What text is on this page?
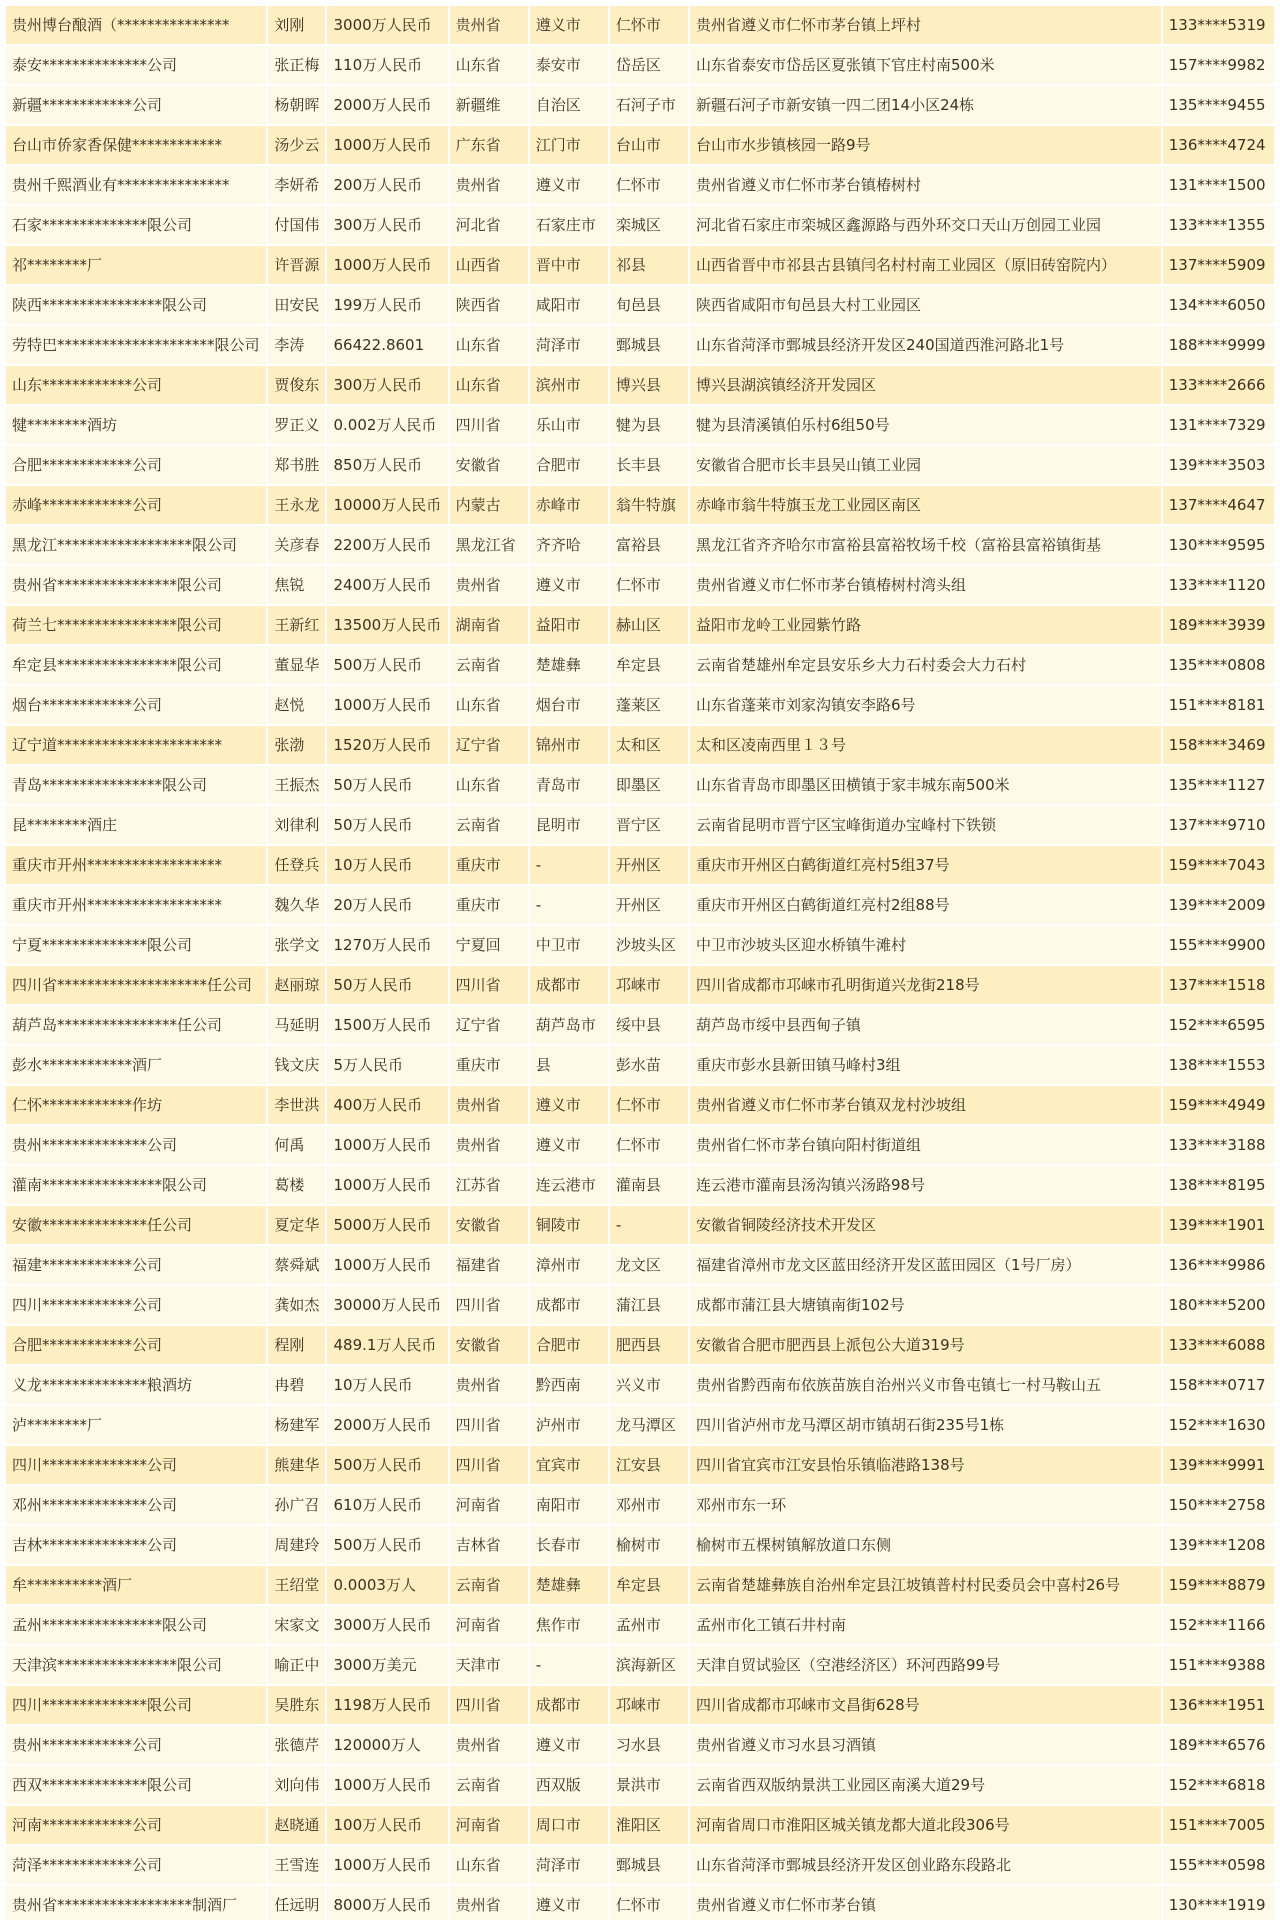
贵州博台酿酒（***************	刘刚	3000万人民币	贵州省	遵义市	仁怀市	贵州省遵义市仁怀市茅台镇上坪村	133****5319
泰安**************公司	张正梅	110万人民币	山东省	泰安市	岱岳区	山东省泰安市岱岳区夏张镇下官庄村南500米	157****9982
新疆************公司	杨朝晖	2000万人民币	新疆维	自治区	石河子市	新疆石河子市新安镇一四二团14小区24栋	135****9455
台山市侨家香保健************	汤少云	1000万人民币	广东省	江门市	台山市	台山市水步镇核园一路9号	136****4724
贵州千熙酒业有***************	李妍希	200万人民币	贵州省	遵义市	仁怀市	贵州省遵义市仁怀市茅台镇椿树村	131****1500
石家**************限公司	付国伟	300万人民币	河北省	石家庄市	栾城区	河北省石家庄市栾城区鑫源路与西外环交口天山万创园工业园	133****1355
祁********厂	许晋源	1000万人民币	山西省	晋中市	祁县	山西省晋中市祁县古县镇闫名村村南工业园区（原旧砖窑院内）	137****5909
陕西****************限公司	田安民	199万人民币	陕西省	咸阳市	旬邑县	陕西省咸阳市旬邑县大村工业园区	134****6050
劳特巴*********************限公司	李涛	66422.8601	山东省	菏泽市	鄄城县	山东省菏泽市鄄城县经济开发区240国道西淮河路北1号	188****9999
山东************公司	贾俊东	300万人民币	山东省	滨州市	博兴县	博兴县湖滨镇经济开发园区	133****2666
犍********酒坊	罗正义	0.002万人民币	四川省	乐山市	犍为县	犍为县清溪镇伯乐村6组50号	131****7329
合肥************公司	郑书胜	850万人民币	安徽省	合肥市	长丰县	安徽省合肥市长丰县吴山镇工业园	139****3503
赤峰************公司	王永龙	10000万人民币	内蒙古	赤峰市	翁牛特旗	赤峰市翁牛特旗玉龙工业园区南区	137****4647
黑龙江******************限公司	关彦春	2200万人民币	黑龙江省	齐齐哈	富裕县	黑龙江省齐齐哈尔市富裕县富裕牧场千校（富裕县富裕镇街基	130****9595
贵州省****************限公司	焦锐	2400万人民币	贵州省	遵义市	仁怀市	贵州省遵义市仁怀市茅台镇椿树村湾头组	133****1120
荷兰七****************限公司	王新红	13500万人民币	湖南省	益阳市	赫山区	益阳市龙岭工业园紫竹路	189****3939
牟定县****************限公司	董显华	500万人民币	云南省	楚雄彝	牟定县	云南省楚雄州牟定县安乐乡大力石村委会大力石村	135****0808
烟台************公司	赵悦	1000万人民币	山东省	烟台市	蓬莱区	山东省蓬莱市刘家沟镇安李路6号	151****8181
辽宁道**********************	张渤	1520万人民币	辽宁省	锦州市	太和区	太和区凌南西里１３号	158****3469
青岛****************限公司	王振杰	50万人民币	山东省	青岛市	即墨区	山东省青岛市即墨区田横镇于家丰城东南500米	135****1127
昆********酒庄	刘律利	50万人民币	云南省	昆明市	晋宁区	云南省昆明市晋宁区宝峰街道办宝峰村下铁锁	137****9710
重庆市开州******************	任登兵	10万人民币	重庆市	-	开州区	重庆市开州区白鹤街道红亮村5组37号	159****7043
重庆市开州******************	魏久华	20万人民币	重庆市	-	开州区	重庆市开州区白鹤街道红亮村2组88号	139****2009
宁夏**************限公司	张学文	1270万人民币	宁夏回	中卫市	沙坡头区	中卫市沙坡头区迎水桥镇牛滩村	155****9900
四川省********************任公司	赵丽琼	50万人民币	四川省	成都市	邛崃市	四川省成都市邛崃市孔明街道兴龙街218号	137****1518
葫芦岛****************任公司	马延明	1500万人民币	辽宁省	葫芦岛市	绥中县	葫芦岛市绥中县西甸子镇	152****6595
彭水************酒厂	钱文庆	5万人民币	重庆市	县	彭水苗	重庆市彭水县新田镇马峰村3组	138****1553
仁怀************作坊	李世洪	400万人民币	贵州省	遵义市	仁怀市	贵州省遵义市仁怀市茅台镇双龙村沙坡组	159****4949
贵州**************公司	何禹	1000万人民币	贵州省	遵义市	仁怀市	贵州省仁怀市茅台镇向阳村街道组	133****3188
灌南****************限公司	葛楼	1000万人民币	江苏省	连云港市	灌南县	连云港市灌南县汤沟镇兴汤路98号	138****8195
安徽**************任公司	夏定华	5000万人民币	安徽省	铜陵市	-	安徽省铜陵经济技术开发区	139****1901
福建************公司	蔡舜斌	1000万人民币	福建省	漳州市	龙文区	福建省漳州市龙文区蓝田经济开发区蓝田园区（1号厂房）	136****9986
四川************公司	龚如杰	30000万人民币	四川省	成都市	蒲江县	成都市蒲江县大塘镇南街102号	180****5200
合肥************公司	程刚	489.1万人民币	安徽省	合肥市	肥西县	安徽省合肥市肥西县上派包公大道319号	133****6088
义龙**************粮酒坊	冉碧	10万人民币	贵州省	黔西南	兴义市	贵州省黔西南布依族苗族自治州兴义市鲁屯镇七一村马鞍山五	158****0717
泸********厂	杨建军	2000万人民币	四川省	泸州市	龙马潭区	四川省泸州市龙马潭区胡市镇胡石街235号1栋	152****1630
四川**************公司	熊建华	500万人民币	四川省	宜宾市	江安县	四川省宜宾市江安县怡乐镇临港路138号	139****9991
邓州**************公司	孙广召	610万人民币	河南省	南阳市	邓州市	邓州市东一环	150****2758
吉林**************公司	周建玲	500万人民币	吉林省	长春市	榆树市	榆树市五棵树镇解放道口东侧	139****1208
牟**********酒厂	王绍堂	0.0003万人	云南省	楚雄彝	牟定县	云南省楚雄彝族自治州牟定县江坡镇普村村民委员会中喜村26号	159****8879
孟州****************限公司	宋家文	3000万人民币	河南省	焦作市	孟州市	孟州市化工镇石井村南	152****1166
天津滨****************限公司	喻正中	3000万美元	天津市	-	滨海新区	天津自贸试验区（空港经济区）环河西路99号	151****9388
四川**************限公司	吴胜东	1198万人民币	四川省	成都市	邛崃市	四川省成都市邛崃市文昌街628号	136****1951
贵州************公司	张德芹	120000万人	贵州省	遵义市	习水县	贵州省遵义市习水县习酒镇	189****6576
西双**************限公司	刘向伟	1000万人民币	云南省	西双版	景洪市	云南省西双版纳景洪工业园区南溪大道29号	152****6818
河南************公司	赵晓通	100万人民币	河南省	周口市	淮阳区	河南省周口市淮阳区城关镇龙都大道北段306号	151****7005
菏泽************公司	王雪连	1000万人民币	山东省	菏泽市	鄄城县	山东省菏泽市鄄城县经济开发区创业路东段路北	155****0598
贵州省******************制酒厂	任远明	8000万人民币	贵州省	遵义市	仁怀市	贵州省遵义市仁怀市茅台镇	130****1919
